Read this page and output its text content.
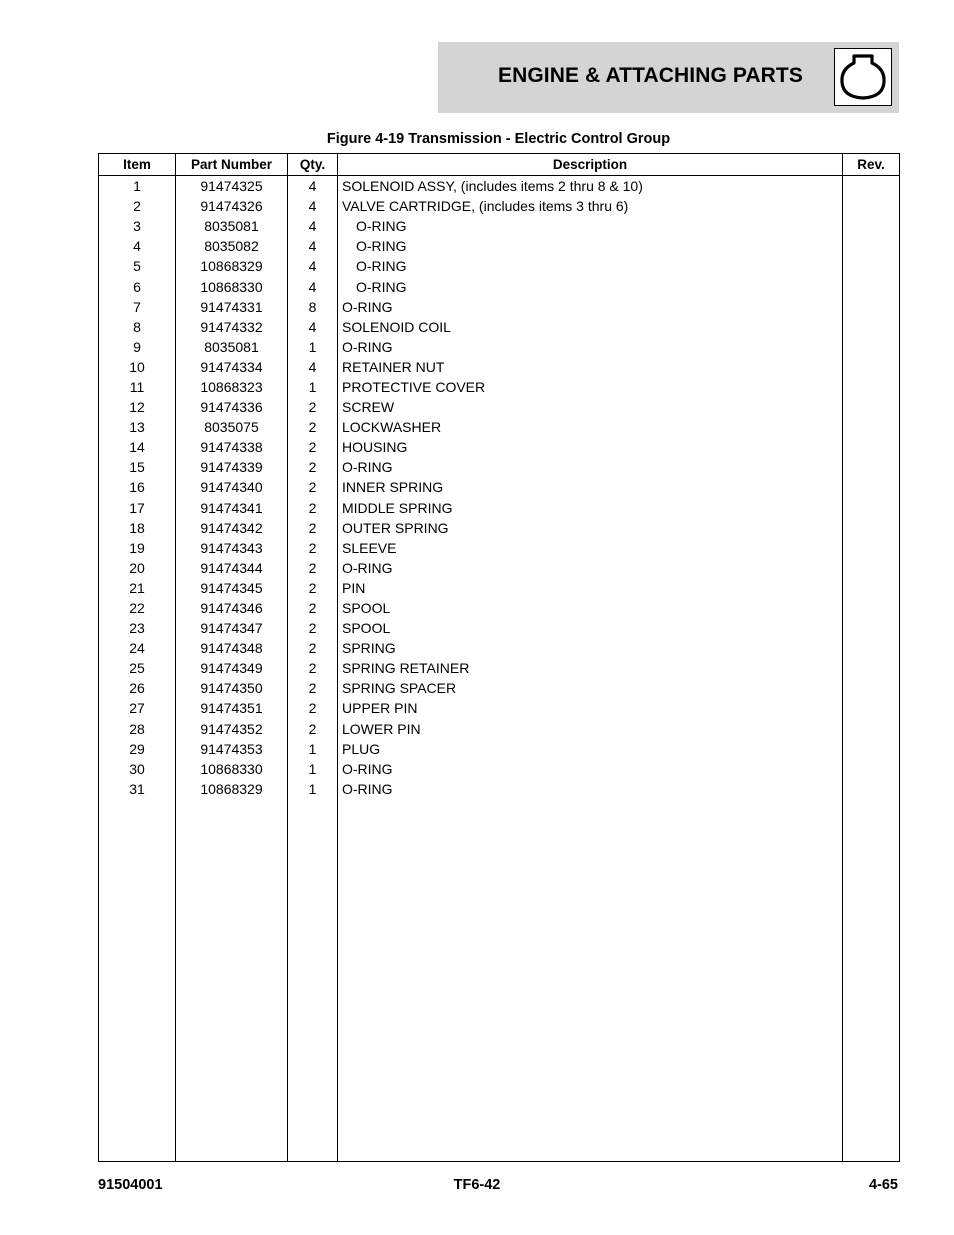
ENGINE & ATTACHING PARTS
Figure 4-19 Transmission - Electric Control Group
Item	Part Number	Qty.	Description	Rev.
1	91474325	4	SOLENOID ASSY, (includes items 2 thru 8 & 10)	
2	91474326	4	VALVE CARTRIDGE, (includes items 3 thru 6)	
3	8035081	4	O-RING	
4	8035082	4	O-RING	
5	10868329	4	O-RING	
6	10868330	4	O-RING	
7	91474331	8	O-RING	
8	91474332	4	SOLENOID COIL	
9	8035081	1	O-RING	
10	91474334	4	RETAINER NUT	
11	10868323	1	PROTECTIVE COVER	
12	91474336	2	SCREW	
13	8035075	2	LOCKWASHER	
14	91474338	2	HOUSING	
15	91474339	2	O-RING	
16	91474340	2	INNER SPRING	
17	91474341	2	MIDDLE SPRING	
18	91474342	2	OUTER SPRING	
19	91474343	2	SLEEVE	
20	91474344	2	O-RING	
21	91474345	2	PIN	
22	91474346	2	SPOOL	
23	91474347	2	SPOOL	
24	91474348	2	SPRING	
25	91474349	2	SPRING RETAINER	
26	91474350	2	SPRING SPACER	
27	91474351	2	UPPER PIN	
28	91474352	2	LOWER PIN	
29	91474353	1	PLUG	
30	10868330	1	O-RING	
31	10868329	1	O-RING	

91504001	TF6-42	4-65
